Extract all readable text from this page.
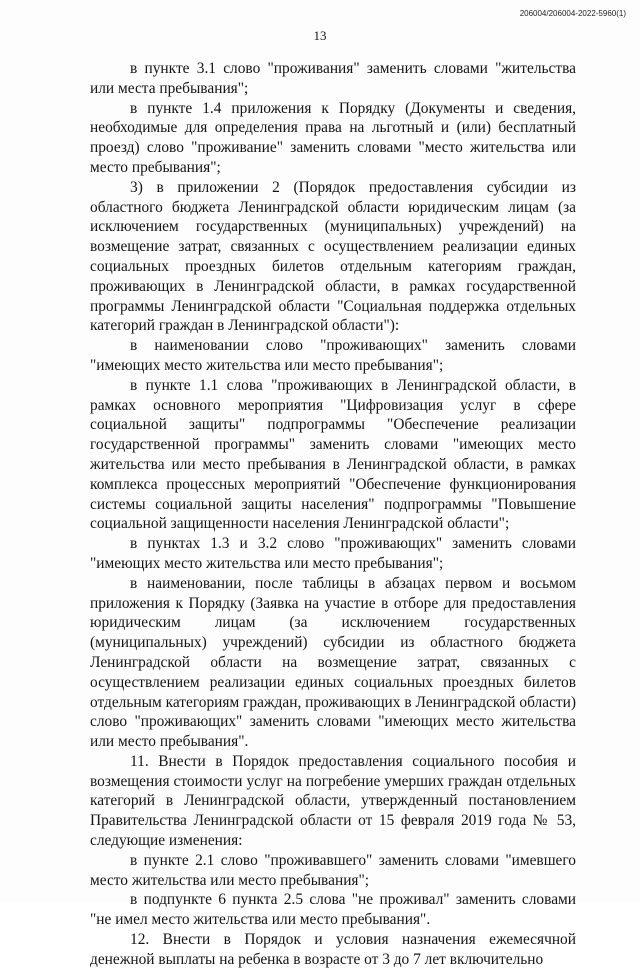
206004/206004-2022-5960(1)
13

в пункте 3.1 слово "проживания" заменить словами "жительства или места пребывания";

в пункте 1.4 приложения к Порядку (Документы и сведения, необходимые для определения права на льготный и (или) бесплатный проезд) слово "проживание" заменить словами "место жительства или место пребывания";

3) в приложении 2 (Порядок предоставления субсидии из областного бюджета Ленинградской области юридическим лицам (за исключением государственных (муниципальных) учреждений) на возмещение затрат, связанных с осуществлением реализации единых социальных проездных билетов отдельным категориям граждан, проживающих в Ленинградской области, в рамках государственной программы Ленинградской области "Социальная поддержка отдельных категорий граждан в Ленинградской области"):

в наименовании слово "проживающих" заменить словами "имеющих место жительства или место пребывания";

в пункте 1.1 слова "проживающих в Ленинградской области, в рамках основного мероприятия "Цифровизация услуг в сфере социальной защиты" подпрограммы "Обеспечение реализации государственной программы" заменить словами "имеющих место жительства или место пребывания в Ленинградской области, в рамках комплекса процессных мероприятий "Обеспечение функционирования системы социальной защиты населения" подпрограммы "Повышение социальной защищенности населения Ленинградской области";

в пунктах 1.3 и 3.2 слово "проживающих" заменить словами "имеющих место жительства или место пребывания";

в наименовании, после таблицы в абзацах первом и восьмом приложения к Порядку (Заявка на участие в отборе для предоставления юридическим лицам (за исключением государственных (муниципальных) учреждений) субсидии из областного бюджета Ленинградской области на возмещение затрат, связанных с осуществлением реализации единых социальных проездных билетов отдельным категориям граждан, проживающих в Ленинградской области) слово "проживающих" заменить словами "имеющих место жительства или место пребывания".

11. Внести в Порядок предоставления социального пособия и возмещения стоимости услуг на погребение умерших граждан отдельных категорий в Ленинградской области, утвержденный постановлением Правительства Ленинградской области от 15 февраля 2019 года № 53, следующие изменения:

в пункте 2.1 слово "проживавшего" заменить словами "имевшего место жительства или место пребывания";

в подпункте 6 пункта 2.5 слова "не проживал" заменить словами "не имел место жительства или место пребывания".

12. Внести в Порядок и условия назначения ежемесячной денежной выплаты на ребенка в возрасте от 3 до 7 лет включительно
